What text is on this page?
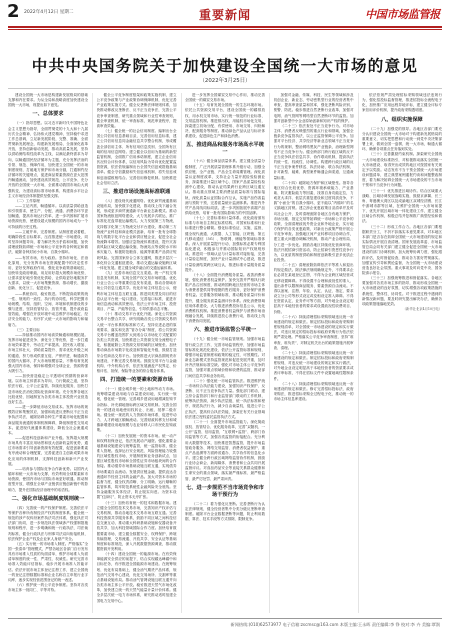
2 2022年4月12日 星期二	重要新闻	中国市场监管报
中共中央国务院关于加快建设全国统一大市场的意见
（2022年3月25日）

建设全国统一大市场是构建新发展格局的基础支撑和内在要求。为从全局和战略高度加快建设全国统一大市场，现提出如下意见。

一、总体要求

（一）指导思想。以习近平新时代中国特色社会主义思想为指导，全面贯彻党的十九大和十九届历次全会精神，弘扬伟大建党精神，坚持稳中求进工作总基调，立足新发展阶段，完整、准确、全面贯彻新发展理念，构建新发展格局，全面深化改革开放，坚持创新驱动发展，推动高质量发展，坚持以供给侧结构性改革为主线，以满足最终需求为导向，以畅通国民经济循环为主题，充分发挥法治的引领、规范、保障作用，加快建立全国统一的市场制度规则，打破地方保护和市场分割，打通制约经济循环的关键堵点，促进商品要素资源在更大范围内畅通流动，加快建设高效规范、公平竞争、充分开放的全国统一大市场，全面推动我国市场由大到强转变，为建设高标准市场体系、构建高水平社会主义市场经济体制提供坚强支撑。

（二）工作原理

——立足内需，畅通循环。以高质量供给创造和引领需求，使生产、分配、流通、消费各环节更加畅通，提高市场运行效率，进一步巩固和扩展市场资源优势，使建设超大规模的国内市场成为一个可持续的历史过程。

——立破并举，完善制度。从制度建设着眼，明确阶段性目标要求，压茬推进统一市场建设，同时坚持问题导向，着力解决突出矛盾和问题，加快清理废除妨碍统一市场和公平竞争的各种规定和做法，破除各种封闭小市场、自我小循环。

——有效市场，有为政府。坚持市场化、法治化原则，充分发挥市场在资源配置中的决定性作用，更好发挥政府作用，强化竞争政策基础地位，加快转变政府职能，用足用好超大规模市场优势，让需求更好地引领优化供给，让供给更好地服务扩大需求，以统一大市场集聚资源、推动增长、激励创新、优化分工、促进竞争。

——系统协同，稳妥推进。不断提高政策的统一性、规则的一致性、执行的协同性，科学把握市场规模、结构、组织、空间、环境和机制建设的步骤与进度，坚持放管结合、放管并重，提升政府监管效能，增强在开放环境中动态维护市场稳定、经济安全的能力，有序扩大统一大市场的影响力和辐射力。

（三）主要目标

——持续推动国内市场高效畅通和规模拓展。发挥市场促进竞争、深化分工等优势，进一步打通市场效率提升、劳动生产率提高、居民收入增加、市场主体壮大、供给质量提升、需求优化升级之间的通道，努力形成供需互促、产销并进、畅通高效的国内大循环，扩大市场规模容量，不断培育发展强大国内市场，保持和增强对全球企业、资源的强大吸引力。

——加快营造稳定公平透明可预期的营商环境。以市场主体需求为导向，力行简政之道，坚持依法行政，公平公正监管，持续优化服务，加快打造市场化法治化国际化营商环境。充分发挥各地区比较优势，因地制宜为各类市场主体投资兴业营造良好生态。

——进一步降低市场交易成本。发挥市场的规模效应和集聚效应，加强和改进反垄断反不正当竞争执法司法，破除妨碍各种生产要素市场化配置和商品服务流通的体制机制障碍，降低制度性交易成本。促进现代流通体系建设，降低全社会流通成本。

——促进科技创新和产业升级。发挥超大规模市场具有丰富应用场景和放大创新收益的优势，通过市场需求引导创新资源有效配置，促进创新要素有序流动和合理配置，完善促进自主创新成果市场化应用的体制机制，支撑科技创新和新兴产业发展。

——培育参与国际竞争合作新优势。以国内大循环和统一大市场为支撑，有效利用全球要素和市场资源，使国内市场与国际市场更好联通。推动制度型开放，增强在全球产业链供应链创新链中的影响力，提升在国际经济治理中的话语权。

二、强化市场基础制度规则统一

（四）完善统一的产权保护制度。完善依法平等保护各种所有制经济产权的制度体系。健全统一规范的涉产权纠纷案件执法司法体系，强化执法司法部门协同，进一步规范执法领域涉产权强制措施规则和程序，进一步明确和统一行政执法、司法裁判标准，健全行政执法与刑事司法双向衔接机制，依法保护企业产权及企业家人身财产安全。

（五）实行统一的市场准入制度。严格落实“全国一张清单”管理模式，严禁各地区各部门自行发布具有市场准入性质的负面清单，维护市场准入负面清单制度的统一性、严肃性、权威性。研究完善市场准入效能评估指标，稳步开展市场准入效能评估。依法开展市场主体登记注册工作，建立全国统一的登记注册数据标准和企业名称自主申报行业字词库，逐步实现经营范围登记的统一表述。

（六）维护统一的公平竞争制度。坚持对各类市场主体一视同仁、平等对待。

健全公平竞争制度框架和政策实施机制，建立公平竞争政策与产业政策协调保障机制，优化完善产业政策实施方式。健全反垄断法律规则体系，加快推动修改反垄断法、反不正当竞争法，完善公平竞争审查制度，研究重点领域和行业性审查规则，健全审查机制，统一审查标准，规范审查程序，提高审查效能。

（七）健全统一的社会信用制度。编制出台全国公共信用信息基础目录，完善信用信息标准，建立公共信用信息同金融信息共享整合机制，形成覆盖全部信用主体、所有信用信息类别、全国所有区域的信用信息网络。建立健全以信用为基础的新型监管机制，全面推广信用承诺制度，建立企业信用状况综合评价体系，以信用风险为导向优化配置监管资源，依法依规编制出台全国失信惩戒措施基础清单。健全守信激励和失信惩戒机制，将失信惩戒和惩治腐败相结合。完善信用修复机制。加快推进社会信用立法。

三、推进市场设施高标准联通

（八）建设现代流通网络。优化商贸流通基础设施布局，加快数字化建设，推动线上线下融合发展，形成更多商贸流通新平台新业态新模式。推动国家物流枢纽网络建设，大力发展多式联运，推广标准化托盘带板运输模式。大力发展第三方物流，支持数字化第三方物流交付平台建设，推动第三方物流产业科技和商业模式创新，培育一批有全球影响力的数字化平台企业和供应链企业，促进全社会物流降本增效。加强应急物流体系建设，提升灾害高风险区域交通运输设施、物流站点等设防水平和承灾能力，积极防范粮食、能源等重要产品供应短缺风险。完善国家综合立体交通网，推进多层次一体化综合交通枢纽建设，推动交通运输设施跨区域一体化发展。建立健全城乡融合的交通运输体系。

（九）完善市场信息交互渠道。统一产权交易信息发布机制，实现全国产权交易市场联通。优化行业公告公示等重要信息发布渠道，推动各领域市场公共信息互通共享。优化市场主体信息公示，便利市场主体信息互联互通。推进同类型及同目的信息认证平台统一接口建设，完善接口标准，促进市场信息流动和高效使用。依法公开市场主体、投资项目、产量、产能等信息，引导供需动态平衡。

（十）推动交易平台优化升级。深化公共资源交易平台整合共享，研究明确各类公共资源交易纳入统一平台体系的标准和方式。坚持应进必进的原则要求，落实和完善“管办分离”制度，将公共资源交易平台覆盖范围扩大到适合以市场化方式配置的各类公共资源，加快推进公共资源交易全流程电子化，积极破除公共资源交易领域的区域壁垒。加快推动商品市场数字化改造和智能化升级，鼓励打造综合性商品交易平台。加快推进大宗商品期现货市场建设，不断完善交易规则。鼓励交易平台与金融机构、中介机构合作，依法发展涵盖产权界定、价格评估、担保、保险等业务的综合服务体系。

四、打造统一的要素和资源市场

（十一）健全城乡统一的土地和劳动力市场。统筹增量建设用地与存量建设用地，实行统一规划，强化统一管理。完善城乡建设用地增减挂钩节余指标、补充耕地指标跨区域交易机制。完善全国统一的建设用地使用权转让、出租、抵押二级市场。健全统一规范的人力资源市场体系，促进劳动力、人才跨地区顺畅流动。完善财政转移支付和城镇新增建设用地规模与农业转移人口市民化挂钩政策。

（十二）加快发展统一的资本市场。统一动产和权利担保登记，依法发展动产融资。强化重要金融基础设施建设与统筹监管，统一监管标准，健全准入管理。选择运行安全规范、风险管理能力较强的区域性股权市场，开展制度和业务创新试点，加强区域性股权市场和全国性证券市场板块间的合作衔接。推动债券市场基础设施互联互通，实现债券市场要素自由流动。发展供应链金融，提供直达各流通环节经营主体的金融产品。加大对资本市场的监督力度，健全权责清晰、分工明确、运行顺畅的监管体系，筑牢防范系统性金融风险安全底线。坚持金融服务实体经济，防止脱实向虚。为资本设置“红绿灯”，防止资本无序扩张。

（十三）加快培育统一的技术和数据市场。建立健全全国性技术交易市场，完善知识产权评估与交易机制，推动各地技术交易市场互联互通。完善科技资源共享服务体系，鼓励不同区域之间科技信息交流互动，推动重大科研基础设施和仪器设备开放共享，加大科技领域国际合作力度。加快培育数据要素市场，建立健全数据安全、权利保护、跨境传输管理、交易流通、开放共享、安全认证等基础制度和标准规范，深入开展数据资源调查，推动数据资源开发利用。

（十四）建设全国统一的能源市场。在有效保障能源安全供应的前提下，结合实现碳达峰碳中和目标任务，有序推进全国能源市场建设。在统筹规划、优化布局基础上，健全油气期货产品体系，规范油气交易中心建设，优化交易场所、交割库等重点基础设施布局。推动油气管网设施互联互通并向各类市场主体公平开放。稳妥推进天然气市场化改革，加快建立统一的天然气能量计量计价体系。健全多层次统一电力市场体系，研究推动适时组建全国电力交易中心。

进一步发挥全国煤炭交易中心作用，推动完善全国统一的煤炭交易市场。

（十五）培育发展全国统一的生态环境市场。依托公共资源交易平台，建设全国统一的碳排放权、用水权交易市场，实行统一规范的行业标准、交易监管机制。推进排污权、用能权市场化交易，探索建立初始分配、有偿使用、市场交易、纠纷解决、配套服务等制度。推动绿色产品认证与标识体系建设，促进绿色生产和绿色消费。

五、推进商品和服务市场高水平统一

（十六）健全商品质量体系。建立健全质量分级制度，广泛开展质量管理体系升级行动，加强全供应链、全产业链、产品全生命周期管理。深化质量认证制度改革，支持社会力量开展检验检测业务，探索推进计量区域中心、国家产品质量检验检测中心建设，推动认证结果跨行业跨区域互通互认。推动重点领域主要消费品质量标准与国际接轨，深化质量认证国际合作互认，实施产品伤害监测与预防干预，完善质量统计监测体系。推进内外贸产品同线同标同质。进一步巩固拓展中高端产品供给优势，培育一批有国际影响力的中国品牌。

（十七）完善标准和计量体系。优化政府颁布标准与市场自主制定标准结构，对国家标准和行业标准进行整合精简。强化标准验证、实施、监督，健全现代流通、大数据、人工智能、区块链、第五代移动通信（5G）、物联网、储能等领域标准体系。深入开展质量提升行动，加强标准必要专利国际化建设，积极参与并推动国际知识产权规则形成。推进同一领域认证与计量标准对接衔接，完善计量检定制度，加快产业计量测试中心建设，推进计量检测结果跨区域互认，推进标准计量服务质量提升。

（十八）全面提升消费服务质量。改善消费环境，强化消费者权益保护。加快完善并严格执行缺陷产品召回制度，推动跨国跨地区经营的市场主体为消费者提供同等便捷的售后服务，更好保护消费者权益。完善服务领域标准，推动服务质量评价和提升，健全服务质量监测评价体系。深化消费领域信用体系建设，大力推进消费投诉信息公示，优化消费维权机制。推进消费者权益保护与消费市场治理融合发展，持续推进放心消费行动，推动线上线下消费协同发展。

六、推进市场监管公平统一

（十九）健全统一市场监管规则。加强市场监管行政立法工作，完善市场监管程序，加强市场监管标准化规范化建设，依法公开监管标准和规则，增强市场监管制度和政策的稳定性、可预期性。对新业态新模式坚持监管规范和促进发展并重，及时补齐法规和标准空缺。强化对市场主体公平竞争的监管，加强对重点领域价格和收费的监管，推动部门间信息共享和业务协同。

（二十）强化统一市场监管执法。推进维护统一市场综合执法能力建设，加强知识产权保护、反垄断、反不正当竞争执法力量。强化部门联动，建立综合监管部门和行业监管部门联动的工作机制，统筹执法资源，减少执法层级，统一执法标准和程序，规范执法行为，减少自由裁量权，促进公平公正执法，提高综合执法效能，探索在有关行业领域依法建立授权委托监管执法方式。

（二十一）全面提升市场监管能力。深化简政放权、放管结合、优化服务改革，完善“双随机、一公开”监管、信用监管、“互联网+监管”、跨部门协同监管等方式，加强各类监管的衔接配合。充分利用大数据等技术，加快推进智慧监管，提升市场监管政务服务、网络交易监管、消费者权益保护、重点产品追溯等方面跨省通办、共享协作的信息化水平。建立健全跨行政区域网络监管协作机制，鼓励行业协会商会、新闻媒体、消费者和公众共同开展监督评议。对食品药品安全等直接关系群众健康和生命安全的重点领域，落实最严谨标准、最严格监管、最严厉处罚、最严肃问责。

七、进一步规范不当市场竞争和市场干预行为

（二十二）着力强化反垄断。完善垄断行为认定法律规则，健全经营者集中分类分级反垄断审查制度。破除平台企业数据垄断等问题，防止利用数据、算法、技术手段等方式排除、限制竞争。

加强对金融、传媒、科技、民生等领域和涉及初创企业、新业态、劳动密集型行业的经营者集中审查，提高审查质量和效率，强化垄断风险识别、预警、防范。稳步推进自然垄断行业改革，加强对电网、油气管网等网络型自然垄断环节的监管。加强对创新型中小企业原始创新和知识产权的保护。

（二十三）依法查处不正当竞争行为。对市场主体、消费者反映强烈的重点行业和领域，加强全链条竞争监管执法，以公正监管保障公平竞争。加强对平台经济、共享经济等新业态领域不正当竞争行为的规制，整治网络黑灰产业链条，治理新型网络不正当竞争行为。健全跨部门跨行政区域的反不正当竞争执法信息共享、协作联动机制，提高执法的统一性、权威性、协调性。构建跨行政区域的反不正当竞争案件移送、执法协助、联合执法机制，针对新型、疑难、典型案件畅通会商渠道、互通裁量标准。

（二十四）破除地方保护和区域壁垒。指导各地区综合比较优势、资源环境承载能力、产业基础、防灾避险能力等因素，找准自身功能定位，力戒贪大求洋、低层次重复建设和过度同质竞争，不搞“小而全”的自我小循环，更不能以“内循环”的名义搞地区封锁。建立涉企优惠政策目录清单并及时向社会公开，及时清理废除各地区含有地方保护、市场分割、指定交易等妨碍统一市场和公平竞争的政策，全面清理歧视外资企业和外地企业、实行地方保护的各类优惠政策，对新出台政策严格开展公平竞争审查。加强地区间产业转移项目协调合作，建立重大问题协调解决机制，推动产业合理布局、分工进一步优化。鼓励各地区持续优化营商环境，依法开展招商引资活动，防止招商引资恶性竞争行为，以优质的制度供给和制度创新吸引更多优质企业投资。

（二十五）清理废除妨碍依法平等准入和退出的规定做法。除法律法规明确规定外，不得要求企业必须在某地登记注册，不得为企业跨区域经营或迁移设置障碍。不得设置不合理和歧视性的准入、退出条件以限制商品服务、要素资源自由流动。不得以备案、注册、年检、认定、认证、指定、要求设立分公司等形式设定或变相设定准入障碍。不得在资质认定、业务许可等方面，对外地企业设定明显高于本地经营者的要求或设置歧视性收费项目、价格。

（二十六）持续清理招标采购领域违反统一市场建设的规定和做法。制定招标投标和政府采购制度规则清单，对全国统一市场建设的规定和实行做法，对违反规定的招标投标和政府采购行为依法依规严肃处理。严格落实公平竞争审查制度，坚持“谁审查、谁负责”，对制定机关出台的政策措施开展审查、清理。

（二十七）持续清理招标采购领域违反统一市场建设的规定和做法。制定招标投标和政府采购制度规则，对违反统一市场建设的规定和实行做法，对外地企业设定明显高于本地经营者的资质要求或者评审标准，不得在招标文件中设置地域性限制条件。

（二十八）持续清理招标采购领域违反统一市场建设的规定和做法。修订完善招标投标法、政府采购法，推进招标采购全过程电子化，推动统一的市场主体信息库建设。

依法依规严肃处理招标采购领域违法违规行为，强化招投标监督管理，推进招投标全流程电子化，加快推广应用远程异地评标，建立健全评标专家信用评价机制，提升政府采购透明度。

八、组织实施保障

（二十九）加强党的领导。各地区各部门要充分认识建设全国统一大市场对于构建新发展格局的重要意义，切实把思想和行动统一到党中央决策部署上来，做到全国一盘棋，统一大市场，畅通大循环，确保各项重点任务落到实处。

（三十）完善激励约束机制。探索研究全国统一大市场建设标准指引，对积极推动落实全国统一大市场建设、取得突出成效的地区可按国家有关规定予以奖励。动态发布不当干预全国统一大市场建设问题清单，建立典型案例通报约谈和问题整改制度，着力解决妨碍全国统一大市场建设的不当市场干预和不当竞争行为问题。

（三十一）优先推进区域协作。结合区域重大战略、区域协调发展战略实施，鼓励京津冀、长三角、粤港澳大湾区以及成渝地区双城经济圈、长江中游城市群等区域，在维护全国统一大市场前提下，优先开展区域市场一体化建设工作，建立健全区域合作机制，积极总结并复制推广典型经验和做法。

（三十二）形成工作合力。各地区各部门要根据职责分工，不折不扣落实本意见要求，对本地区本部门是否存在妨碍全国统一大市场建设的规定和实际情况开展自查清理。国家发展改革委、市场监管总局会同有关部门建立健全促进全国统一大市场建设的部门协调机制，加大统筹协调力度，强化跟踪评估，及时督促检查，推动各方抓好贯彻落实。加强宣传引导和舆论监督，为全国统一大市场建设营造良好社会氛围。重大事项及时向党中央、国务院请示报告。

（三十三）加强统筹推进和督促落实。各地区要加强对各类市场主体的指导，推动形成全国统一大市场建设的良好氛围，切实增强各项政策措施的系统性、整体性、协同性。对于推进过程中遇到的新情况新问题，要及时研究提出解决办法，确保各项政策措施落地见效。

（新华社北京4月10日电）

新闻热线:(010)62573977 电子信箱:zscmsc@163.com 本版主编:王永晖 责任编辑:李 铮 校对:李 卉 美编:覃润
